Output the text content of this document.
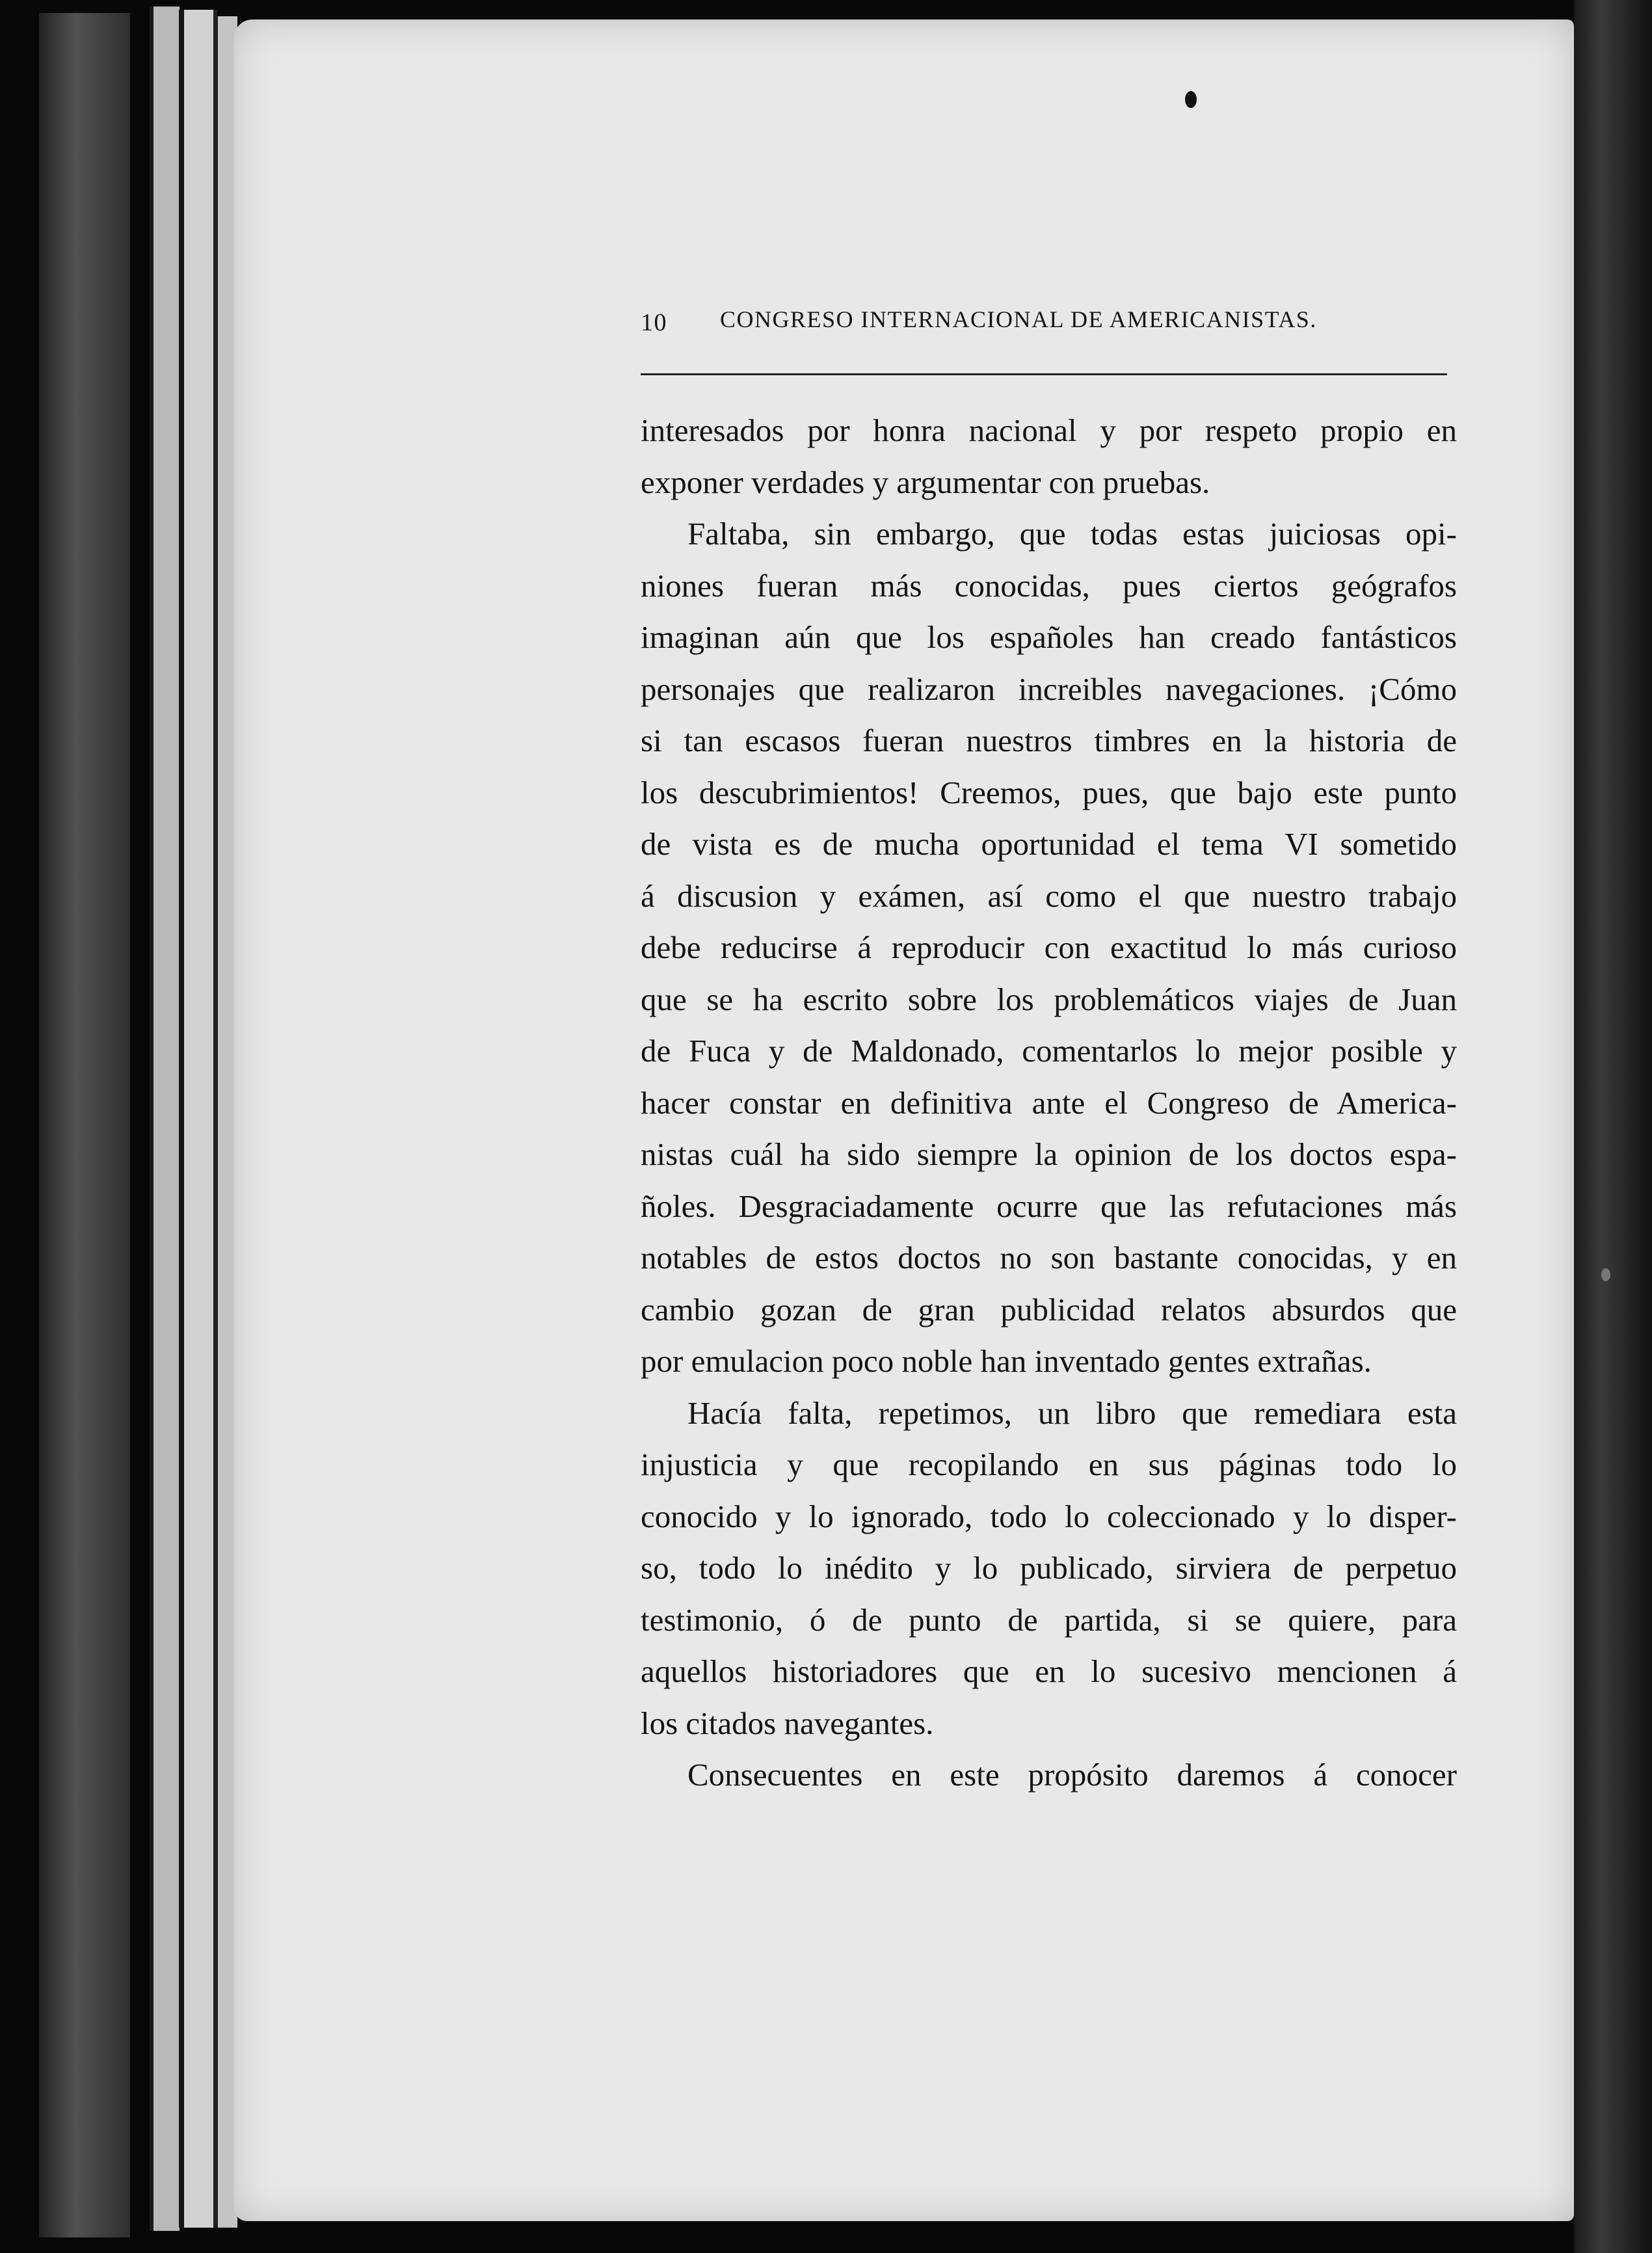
10 CONGRESO INTERNACIONAL DE AMERICANISTAS.
interesados por honra nacional y por respeto propio en
exponer verdades y argumentar con pruebas.
Faltaba, sin embargo, que todas estas juiciosas opi-
niones fueran más conocidas, pues ciertos geógrafos
imaginan aún que los españoles han creado fantásticos
personajes que realizaron increibles navegaciones. ¡Cómo
si tan escasos fueran nuestros timbres en la historia de
los descubrimientos! Creemos, pues, que bajo este punto
de vista es de mucha oportunidad el tema VI sometido
á discusion y exámen, así como el que nuestro trabajo
debe reducirse á reproducir con exactitud lo más curioso
que se ha escrito sobre los problemáticos viajes de Juan
de Fuca y de Maldonado, comentarlos lo mejor posible y
hacer constar en definitiva ante el Congreso de America-
nistas cuál ha sido siempre la opinion de los doctos espa-
ñoles. Desgraciadamente ocurre que las refutaciones más
notables de estos doctos no son bastante conocidas, y en
cambio gozan de gran publicidad relatos absurdos que
por emulacion poco noble han inventado gentes extrañas.
Hacía falta, repetimos, un libro que remediara esta
injusticia y que recopilando en sus páginas todo lo
conocido y lo ignorado, todo lo coleccionado y lo disper-
so, todo lo inédito y lo publicado, sirviera de perpetuo
testimonio, ó de punto de partida, si se quiere, para
aquellos historiadores que en lo sucesivo mencionen á
los citados navegantes.
Consecuentes en este propósito daremos á conocer
